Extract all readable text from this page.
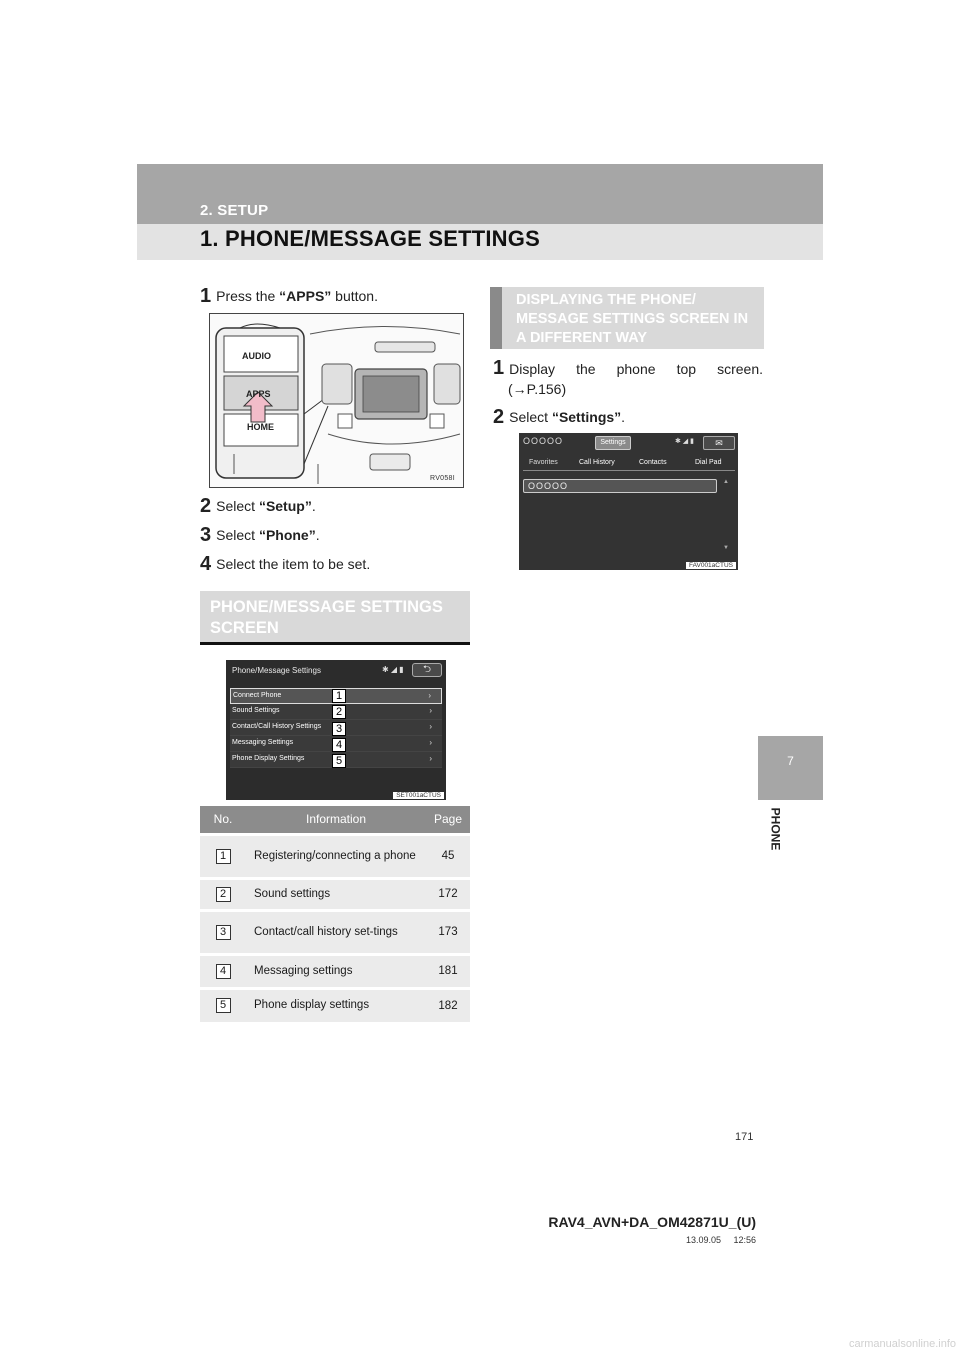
2. SETUP
1. PHONE/MESSAGE SETTINGS
1 Press the “APPS” button.
AUDIO
APPS
HOME
RV058I
2 Select “Setup”.
3 Select “Phone”.
4 Select the item to be set.
PHONE/MESSAGE SETTINGS SCREEN
Phone/Message Settings	✱ ◢ ▮	⮌
Connect Phone	›
Sound Settings	›
Contact/Call History Settings	›
Messaging Settings	›
Phone Display Settings	›
1
2
3
4
5
SET001aCTUS
No.	Information	Page
1	Registering/connecting a phone	45
2	Sound settings	172
3	Contact/call history set-tings	173
4	Messaging settings	181
5	Phone display settings	182
DISPLAYING THE PHONE/ MESSAGE SETTINGS SCREEN IN A DIFFERENT WAY
1 Display the phone top screen.
(→P.156)
2 Select “Settings”.
OOOOO	Settings	✱ ◢ ▮	✉
Favorites	Call History	Contacts	Dial Pad
OOOOO	▲
▼
FAV001aCTUS
7
PHONE
171
RAV4_AVN+DA_OM42871U_(U)
13.09.05     12:56
carmanualsonline.info
